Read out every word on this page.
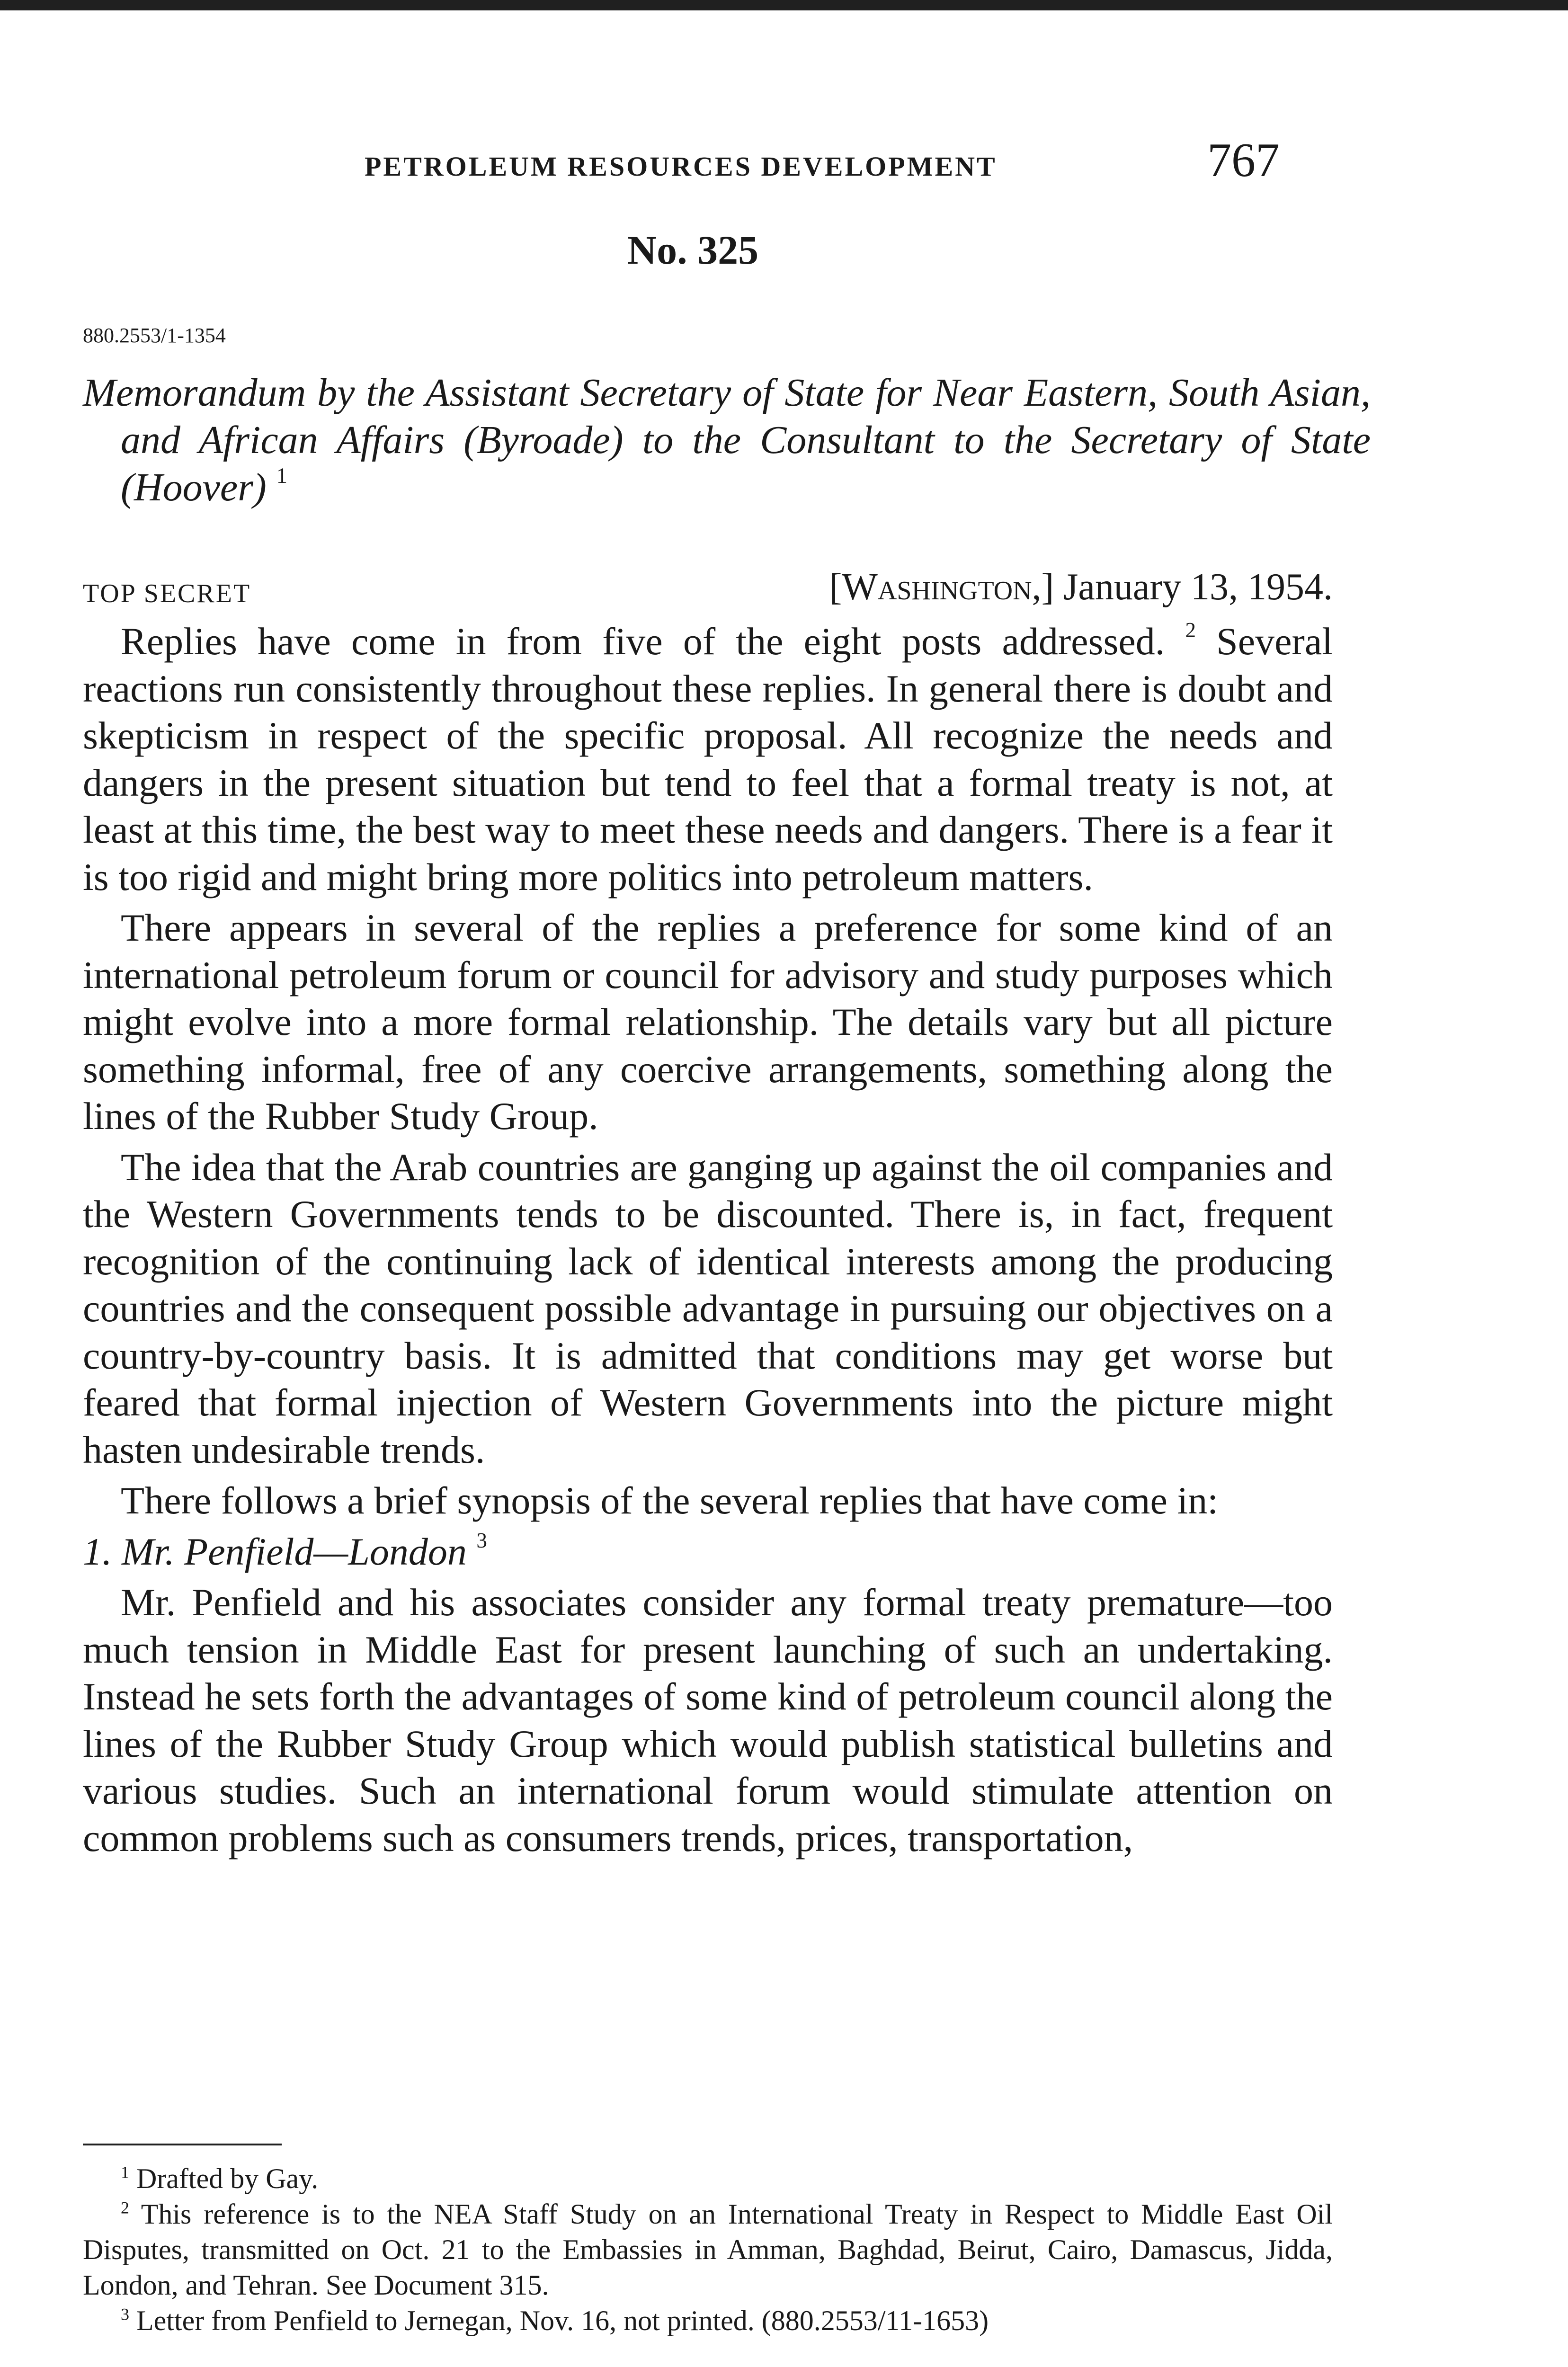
PETROLEUM RESOURCES DEVELOPMENT	767
No. 325
880.2553/1-1354
Memorandum by the Assistant Secretary of State for Near Eastern, South Asian, and African Affairs (Byroade) to the Consultant to the Secretary of State (Hoover) $^1$
TOP SECRET	[Washington,] January 13, 1954.

Replies have come in from five of the eight posts addressed. $^2$ Several reactions run consistently throughout these replies. In general there is doubt and skepticism in respect of the specific proposal. All recognize the needs and dangers in the present situation but tend to feel that a formal treaty is not, at least at this time, the best way to meet these needs and dangers. There is a fear it is too rigid and might bring more politics into petroleum matters.

There appears in several of the replies a preference for some kind of an international petroleum forum or council for advisory and study purposes which might evolve into a more formal relationship. The details vary but all picture something informal, free of any coercive arrangements, something along the lines of the Rubber Study Group.

The idea that the Arab countries are ganging up against the oil companies and the Western Governments tends to be discounted. There is, in fact, frequent recognition of the continuing lack of identical interests among the producing countries and the consequent possible advantage in pursuing our objectives on a country-by-country basis. It is admitted that conditions may get worse but feared that formal injection of Western Governments into the picture might hasten undesirable trends.

There follows a brief synopsis of the several replies that have come in:

1. Mr. Penfield—London $^3$

Mr. Penfield and his associates consider any formal treaty premature—too much tension in Middle East for present launching of such an undertaking. Instead he sets forth the advantages of some kind of petroleum council along the lines of the Rubber Study Group which would publish statistical bulletins and various studies. Such an international forum would stimulate attention on common problems such as consumers trends, prices, transportation,

$^1$ Drafted by Gay.

$^2$ This reference is to the NEA Staff Study on an International Treaty in Respect to Middle East Oil Disputes, transmitted on Oct. 21 to the Embassies in Amman, Baghdad, Beirut, Cairo, Damascus, Jidda, London, and Tehran. See Document 315.

$^3$ Letter from Penfield to Jernegan, Nov. 16, not printed. (880.2553/11-1653)
